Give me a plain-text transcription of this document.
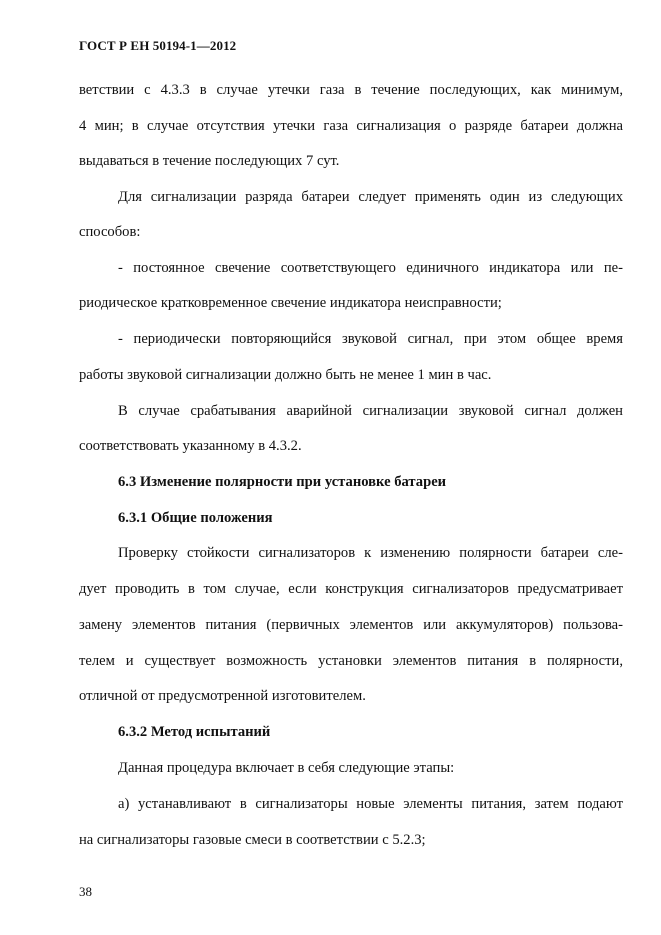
ГОСТ Р ЕН 50194-1—2012
ветствии с 4.3.3 в случае утечки газа в течение последующих, как минимум,
4 мин; в случае отсутствия утечки газа сигнализация о разряде батареи должна
выдаваться в течение последующих 7 сут.
Для сигнализации разряда батареи следует применять один из следующих
способов:
- постоянное свечение соответствующего единичного индикатора или пе-
риодическое кратковременное свечение индикатора неисправности;
- периодически повторяющийся звуковой сигнал, при этом общее время
работы звуковой сигнализации должно быть не менее 1 мин в час.
В случае срабатывания аварийной сигнализации звуковой сигнал должен
соответствовать указанному в 4.3.2.
6.3 Изменение полярности при установке батареи
6.3.1 Общие положения
Проверку стойкости сигнализаторов к изменению полярности батареи сле-
дует проводить в том случае, если конструкция сигнализаторов предусматривает
замену элементов питания (первичных элементов или аккумуляторов) пользова-
телем и существует возможность установки элементов питания в полярности,
отличной от предусмотренной изготовителем.
6.3.2 Метод испытаний
Данная процедура включает в себя следующие этапы:
а) устанавливают в сигнализаторы новые элементы питания, затем подают
на сигнализаторы газовые смеси в соответствии с 5.2.3;
38
